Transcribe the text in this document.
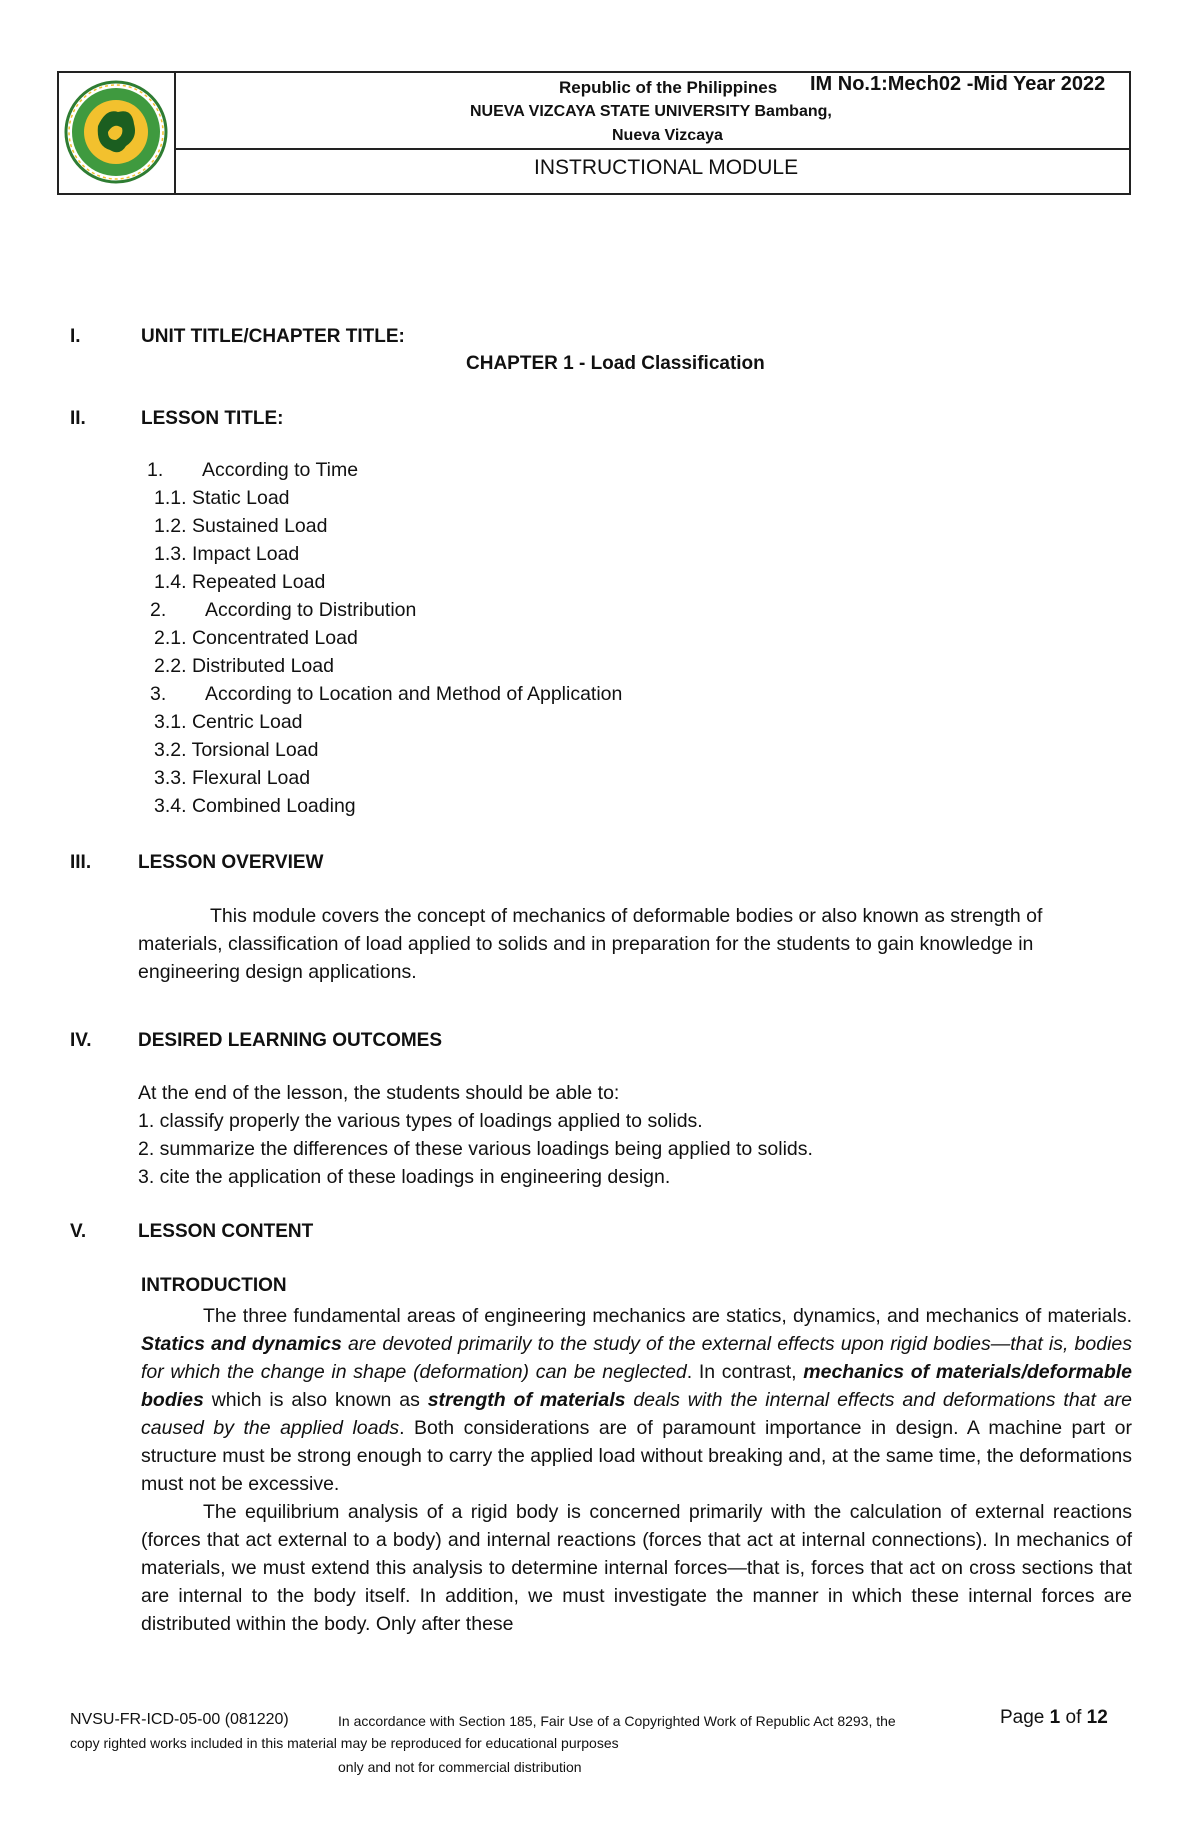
Republic of the Philippines IM No.1:Mech02 -Mid Year 2022
NUEVA VIZCAYA STATE UNIVERSITY Bambang,
Nueva Vizcaya
INSTRUCTIONAL MODULE
I.	UNIT TITLE/CHAPTER TITLE:
CHAPTER 1 - Load Classification
II.	LESSON TITLE:
1. According to Time
1.1. Static Load
1.2. Sustained Load
1.3. Impact Load
1.4. Repeated Load
2. According to Distribution
2.1. Concentrated Load
2.2. Distributed Load
3. According to Location and Method of Application
3.1. Centric Load
3.2. Torsional Load
3.3. Flexural Load
3.4. Combined Loading
III. LESSON OVERVIEW
This module covers the concept of mechanics of deformable bodies or also known as strength of materials, classification of load applied to solids and in preparation for the students to gain knowledge in engineering design applications.
IV. DESIRED LEARNING OUTCOMES
At the end of the lesson, the students should be able to:
1. classify properly the various types of loadings applied to solids.
2. summarize the differences of these various loadings being applied to solids.
3. cite the application of these loadings in engineering design.
V.	LESSON CONTENT
INTRODUCTION

The three fundamental areas of engineering mechanics are statics, dynamics, and mechanics of materials. Statics and dynamics are devoted primarily to the study of the external effects upon rigid bodies—that is, bodies for which the change in shape (deformation) can be neglected. In contrast, mechanics of materials/deformable bodies which is also known as strength of materials deals with the internal effects and deformations that are caused by the applied loads. Both considerations are of paramount importance in design. A machine part or structure must be strong enough to carry the applied load without breaking and, at the same time, the deformations must not be excessive.

The equilibrium analysis of a rigid body is concerned primarily with the calculation of external reactions (forces that act external to a body) and internal reactions (forces that act at internal connections). In mechanics of materials, we must extend this analysis to determine internal forces—that is, forces that act on cross sections that are internal to the body itself. In addition, we must investigate the manner in which these internal forces are distributed within the body. Only after these

NVSU-FR-ICD-05-00 (081220)	In accordance with Section 185, Fair Use of a Copyrighted Work of Republic Act 8293, the
copy righted works included in this material may be reproduced for educational purposes
only and not for commercial distribution
Page 1 of 12
